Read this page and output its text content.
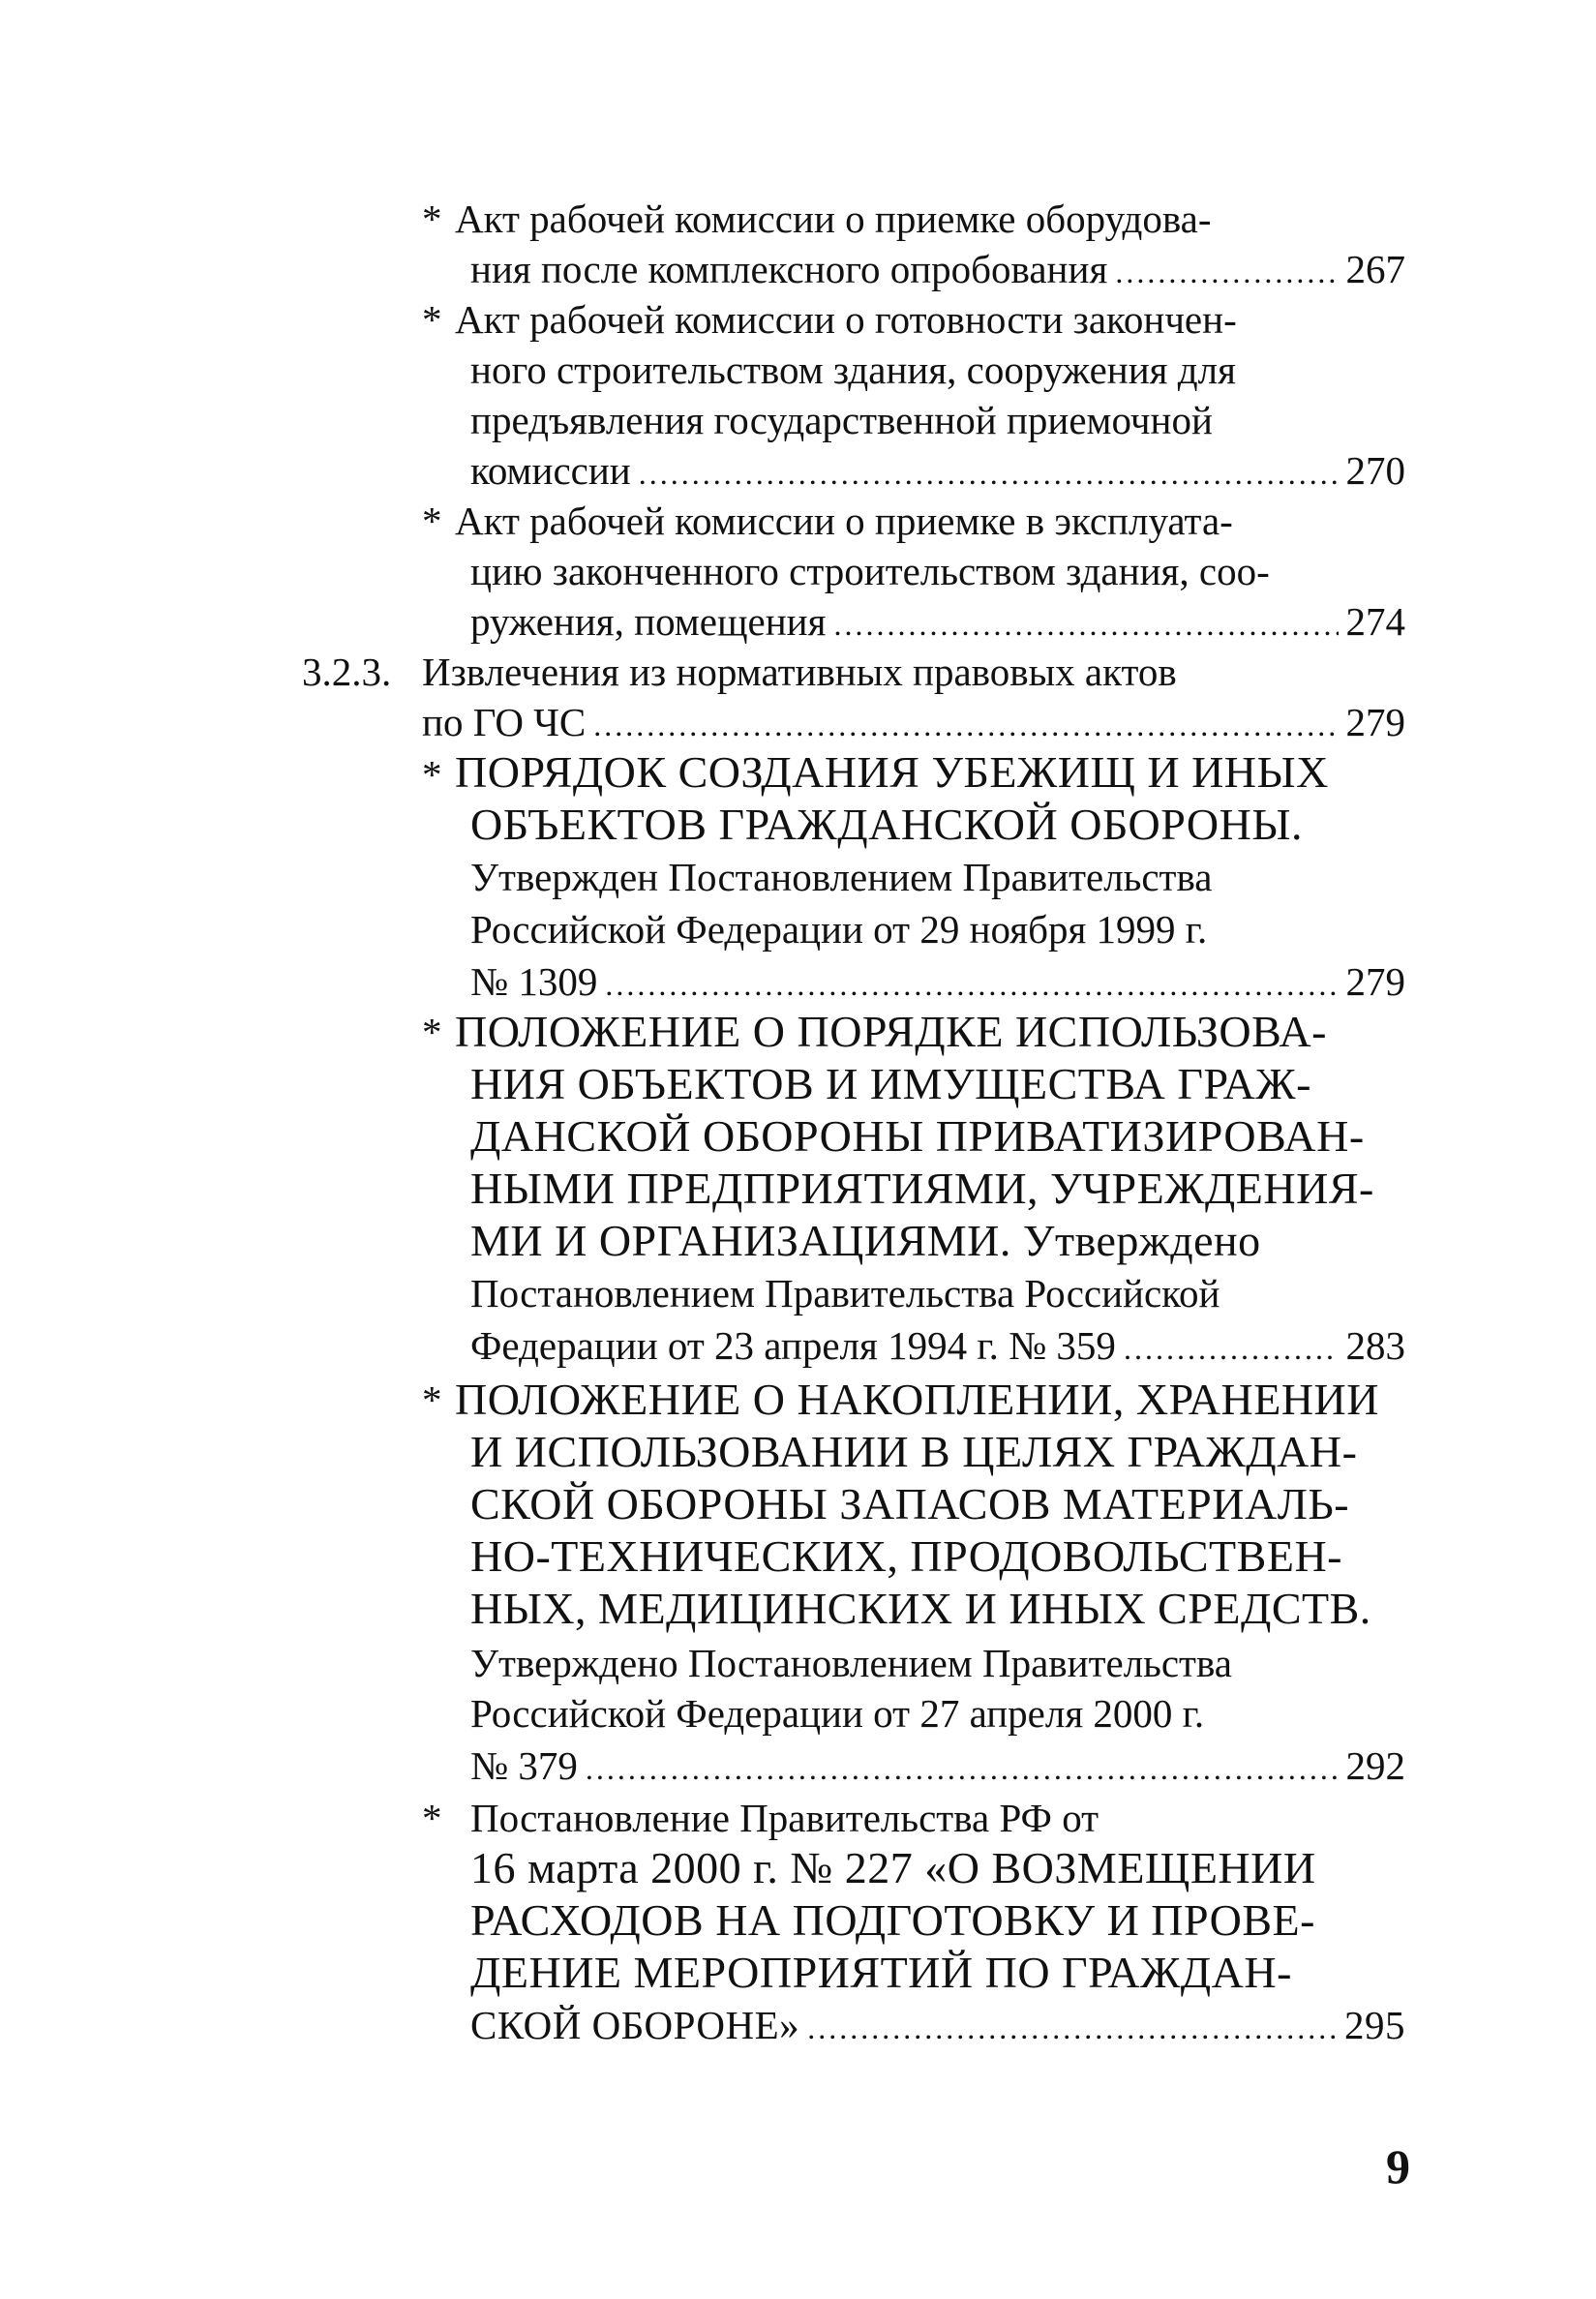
* Акт рабочей комиссии о приемке оборудова-
ния после комплексного опробования .....	267
* Акт рабочей комиссии о готовности закончен-
ного строительством здания, сооружения для
предъявления государственной приемочной
комиссии .....	270
* Акт рабочей комиссии о приемке в эксплуата-
цию законченного строительством здания, соо-
ружения, помещения .....	274
3.2.3. Извлечения из нормативных правовых актов
по ГО ЧС .....	279
* ПОРЯДОК СОЗДАНИЯ УБЕЖИЩ И ИНЫХ
ОБЪЕКТОВ ГРАЖДАНСКОЙ ОБОРОНЫ.
Утвержден Постановлением Правительства
Российской Федерации от 29 ноября 1999 г.
№ 1309 .....	279
* ПОЛОЖЕНИЕ О ПОРЯДКЕ ИСПОЛЬЗОВА-
НИЯ ОБЪЕКТОВ И ИМУЩЕСТВА ГРАЖ-
ДАНСКОЙ ОБОРОНЫ ПРИВАТИЗИРОВАН-
НЫМИ ПРЕДПРИЯТИЯМИ, УЧРЕЖДЕНИЯ-
МИ И ОРГАНИЗАЦИЯМИ. Утверждено
Постановлением Правительства Российской
Федерации от 23 апреля 1994 г. № 359 .....	283
* ПОЛОЖЕНИЕ О НАКОПЛЕНИИ, ХРАНЕНИИ
И ИСПОЛЬЗОВАНИИ В ЦЕЛЯХ ГРАЖДАН-
СКОЙ ОБОРОНЫ ЗАПАСОВ МАТЕРИАЛЬ-
НО-ТЕХНИЧЕСКИХ, ПРОДОВОЛЬСТВЕН-
НЫХ, МЕДИЦИНСКИХ И ИНЫХ СРЕДСТВ.
Утверждено Постановлением Правительства
Российской Федерации от 27 апреля 2000 г.
№ 379 .....	292
* Постановление Правительства РФ от
16 марта 2000 г. № 227 «О ВОЗМЕЩЕНИИ
РАСХОДОВ НА ПОДГОТОВКУ И ПРОВЕ-
ДЕНИЕ МЕРОПРИЯТИЙ ПО ГРАЖДАН-
СКОЙ ОБОРОНЕ» .....	295
9
